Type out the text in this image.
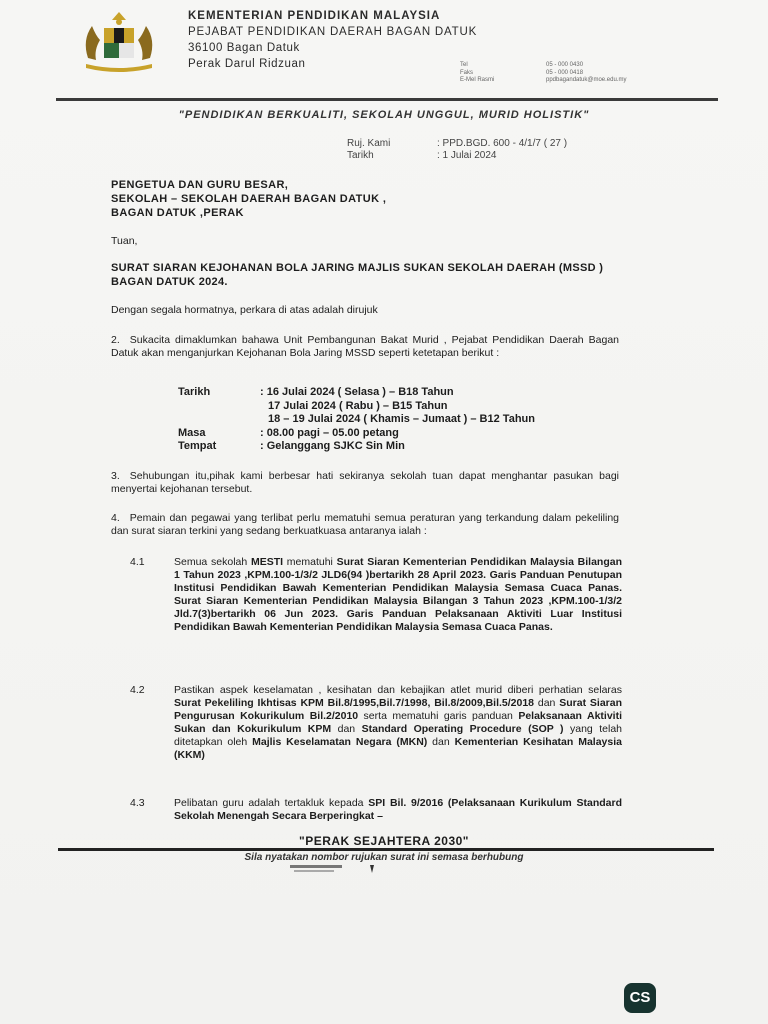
KEMENTERIAN PENDIDIKAN MALAYSIA
PEJABAT PENDIDIKAN DAERAH BAGAN DATUK
36100 Bagan Datuk
Perak Darul Ridzuan	Tel	05 - 000 0430
Faks	05 - 000 0418
E-Mel Rasmi	ppdbagandatuk@moe.edu.my
"PENDIDIKAN BERKUALITI, SEKOLAH UNGGUL, MURID HOLISTIK"
Ruj. Kami	: PPD.BGD. 600 - 4/1/7 ( 27 )
Tarikh	: 1 Julai 2024
PENGETUA DAN GURU BESAR,
SEKOLAH – SEKOLAH DAERAH BAGAN DATUK ,
BAGAN DATUK ,PERAK
Tuan,
SURAT SIARAN KEJOHANAN BOLA JARING MAJLIS SUKAN SEKOLAH DAERAH (MSSD ) BAGAN DATUK 2024.
Dengan segala hormatnya, perkara di atas adalah dirujuk
2. Sukacita dimaklumkan bahawa Unit Pembangunan Bakat Murid , Pejabat Pendidikan Daerah Bagan Datuk akan menganjurkan Kejohanan Bola Jaring MSSD seperti ketetapan berikut :
Tarikh	: 16 Julai 2024 ( Selasa ) – B18 Tahun
17 Julai 2024 ( Rabu ) – B15 Tahun
18 – 19 Julai 2024 ( Khamis – Jumaat ) – B12 Tahun
Masa	: 08.00 pagi – 05.00 petang
Tempat	: Gelanggang SJKC Sin Min
3. Sehubungan itu,pihak kami berbesar hati sekiranya sekolah tuan dapat menghantar pasukan bagi menyertai kejohanan tersebut.
4. Pemain dan pegawai yang terlibat perlu mematuhi semua peraturan yang terkandung dalam pekeliling dan surat siaran terkini yang sedang berkuatkuasa antaranya ialah :
4.1	Semua sekolah MESTI mematuhi Surat Siaran Kementerian Pendidikan Malaysia Bilangan 1 Tahun 2023 ,KPM.100-1/3/2 JLD6(94 )bertarikh 28 April 2023. Garis Panduan Penutupan Institusi Pendidikan Bawah Kementerian Pendidikan Malaysia Semasa Cuaca Panas. Surat Siaran Kementerian Pendidikan Malaysia Bilangan 3 Tahun 2023 ,KPM.100-1/3/2 Jld.7(3)bertarikh 06 Jun 2023. Garis Panduan Pelaksanaan Aktiviti Luar Institusi Pendidikan Bawah Kementerian Pendidikan Malaysia Semasa Cuaca Panas.
4.2	Pastikan aspek keselamatan , kesihatan dan kebajikan atlet murid diberi perhatian selaras Surat Pekeliling Ikhtisas KPM Bil.8/1995,Bil.7/1998, Bil.8/2009,Bil.5/2018 dan Surat Siaran Pengurusan Kokurikulum Bil.2/2010 serta mematuhi garis panduan Pelaksanaan Aktiviti Sukan dan Kokurikulum KPM dan Standard Operating Procedure (SOP ) yang telah ditetapkan oleh Majlis Keselamatan Negara (MKN) dan Kementerian Kesihatan Malaysia (KKM)
4.3	Pelibatan guru adalah tertakluk kepada SPI Bil. 9/2016 (Pelaksanaan Kurikulum Standard Sekolah Menengah Secara Berperingkat –
"PERAK SEJAHTERA 2030"
Sila nyatakan nombor rujukan surat ini semasa berhubung
CS
